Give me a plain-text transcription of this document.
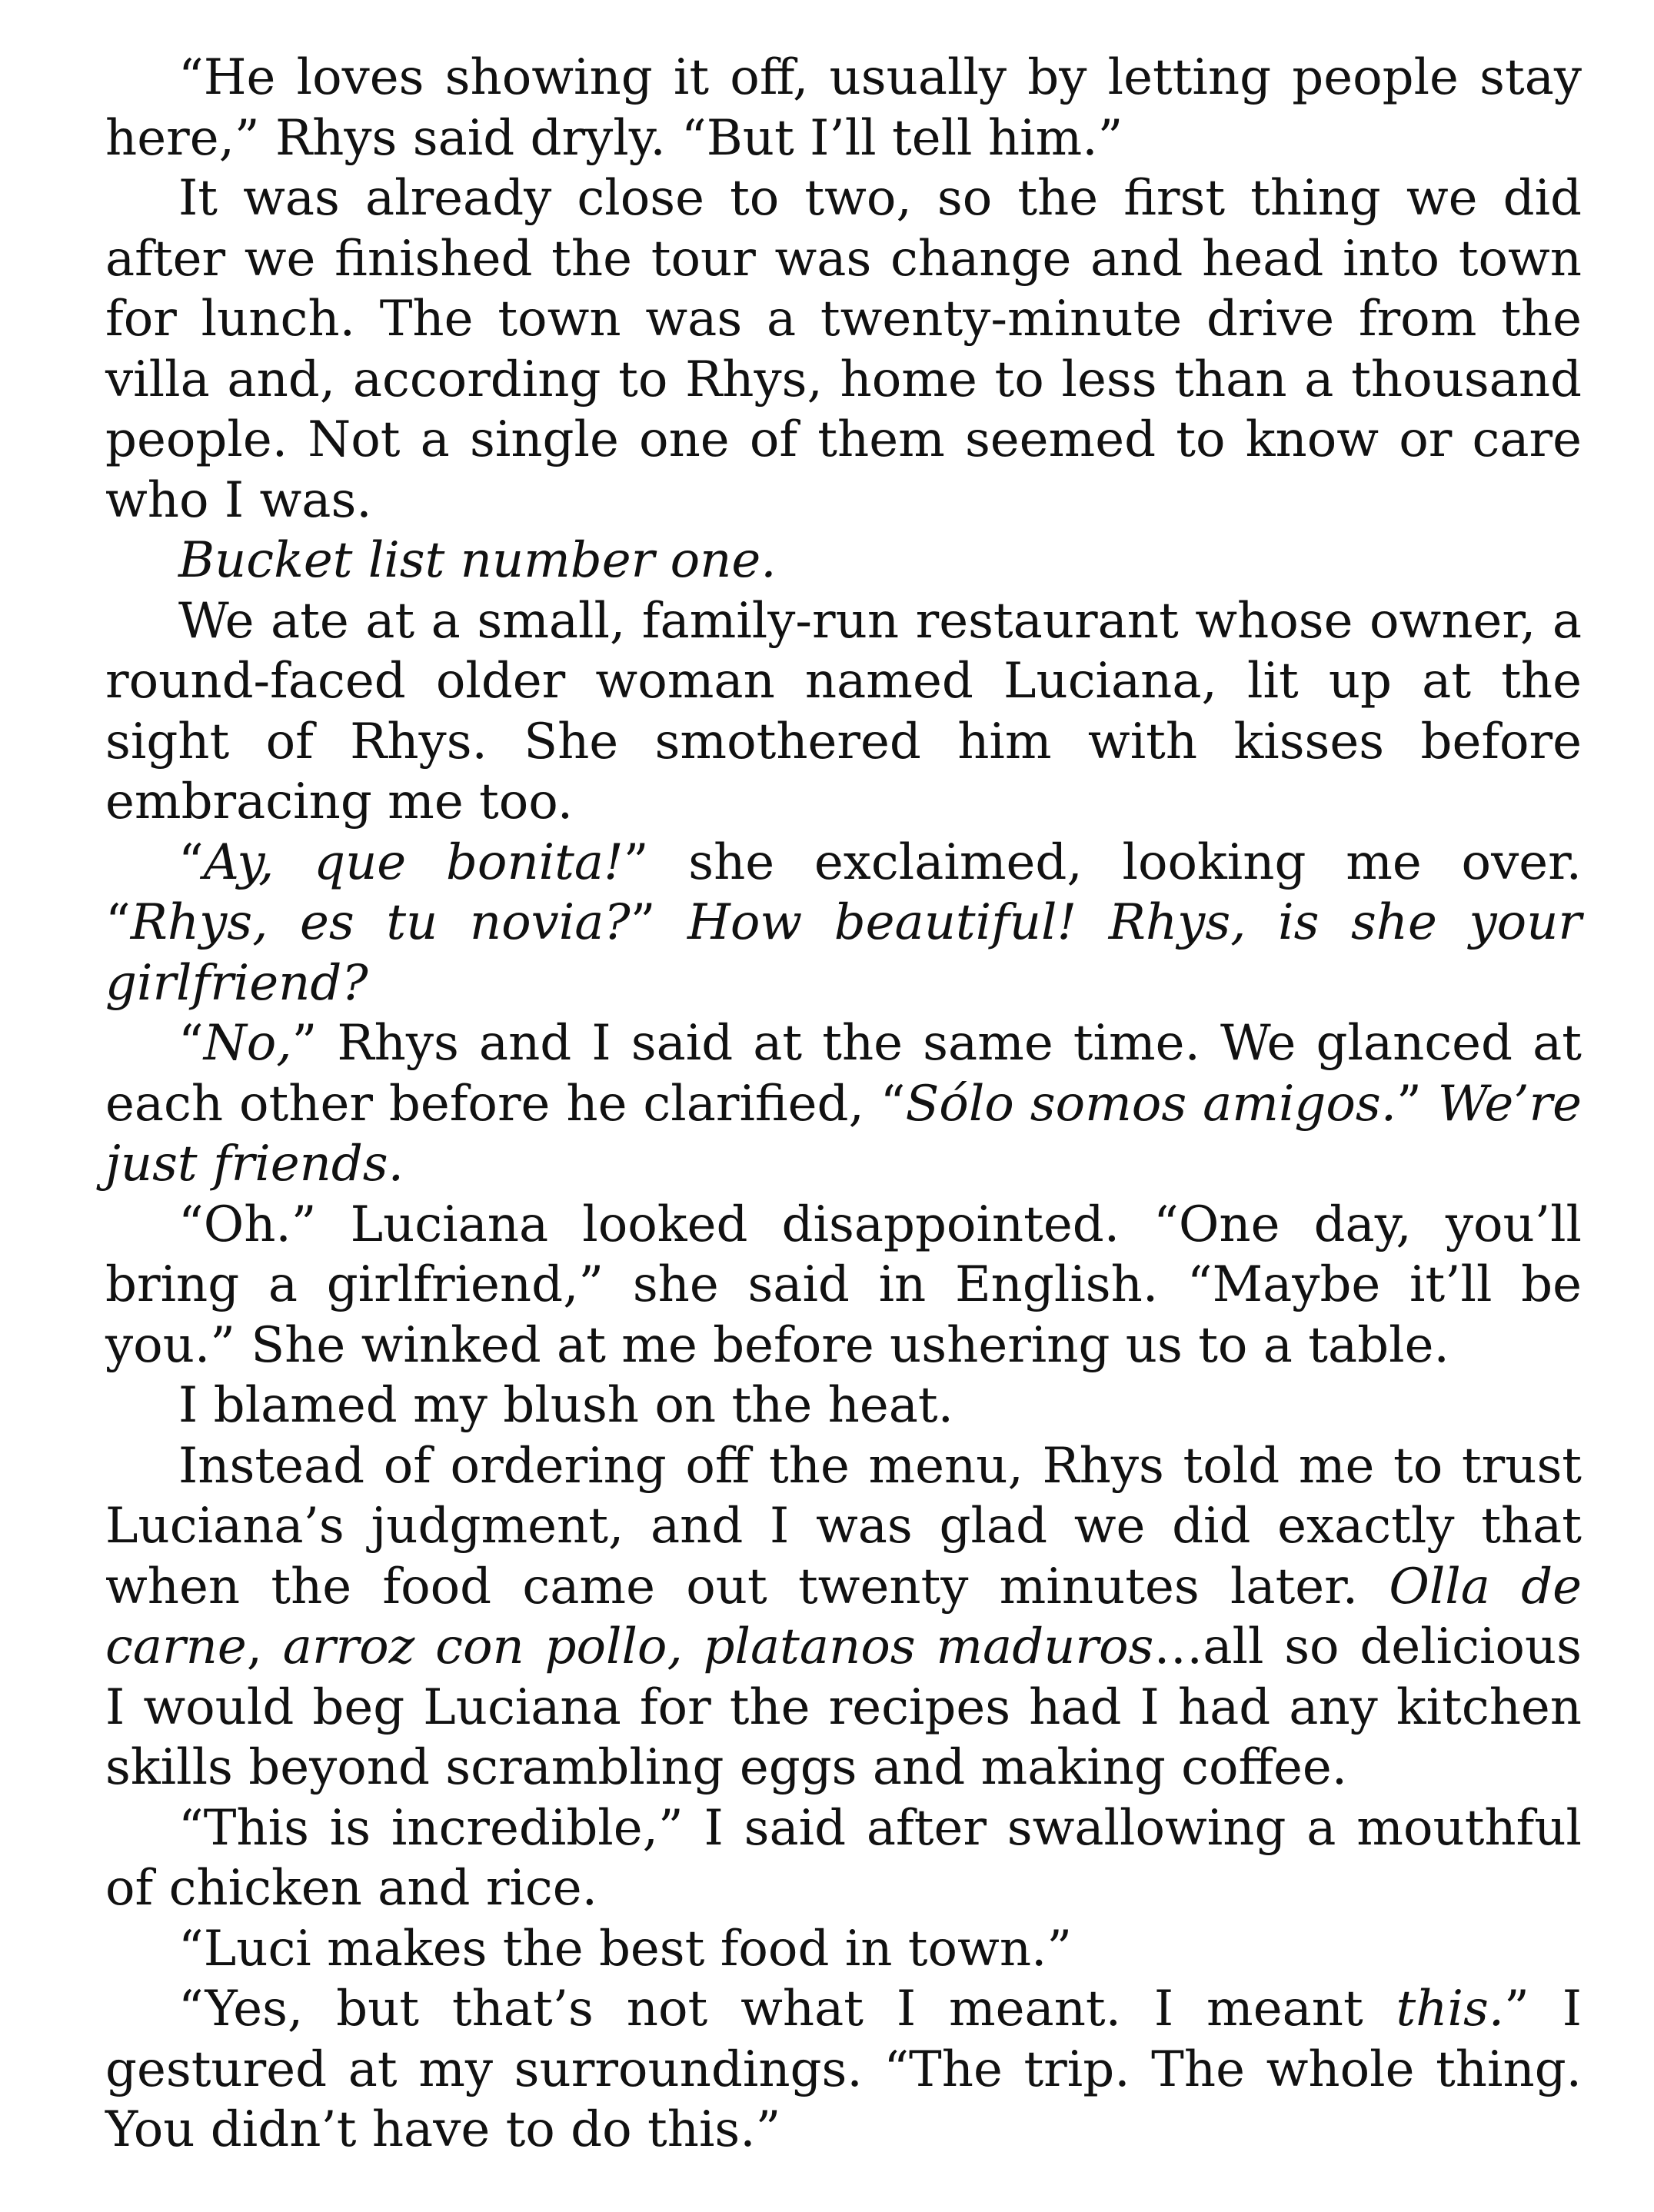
“He loves showing it off, usually by letting people stay here,” Rhys said dryly. “But I’ll tell him.”

It was already close to two, so the first thing we did after we finished the tour was change and head into town for lunch. The town was a twenty-minute drive from the villa and, according to Rhys, home to less than a thousand people. Not a single one of them seemed to know or care who I was.

Bucket list number one.

We ate at a small, family-run restaurant whose owner, a round-faced older woman named Luciana, lit up at the sight of Rhys. She smothered him with kisses before embracing me too.

“Ay, que bonita!” she exclaimed, looking me over. “Rhys, es tu novia?” How beautiful! Rhys, is she your girlfriend?

“No,” Rhys and I said at the same time. We glanced at each other before he clarified, “Sólo somos amigos.” We’re just friends.

“Oh.” Luciana looked disappointed. “One day, you’ll bring a girlfriend,” she said in English. “Maybe it’ll be you.” She winked at me before ushering us to a table.

I blamed my blush on the heat.

Instead of ordering off the menu, Rhys told me to trust Luciana’s judgment, and I was glad we did exactly that when the food came out twenty minutes later. Olla de carne, arroz con pollo, platanos maduros…all so delicious I would beg Luciana for the recipes had I had any kitchen skills beyond scrambling eggs and making coffee.

“This is incredible,” I said after swallowing a mouthful of chicken and rice.

“Luci makes the best food in town.”

“Yes, but that’s not what I meant. I meant this.” I gestured at my surroundings. “The trip. The whole thing. You didn’t have to do this.”
